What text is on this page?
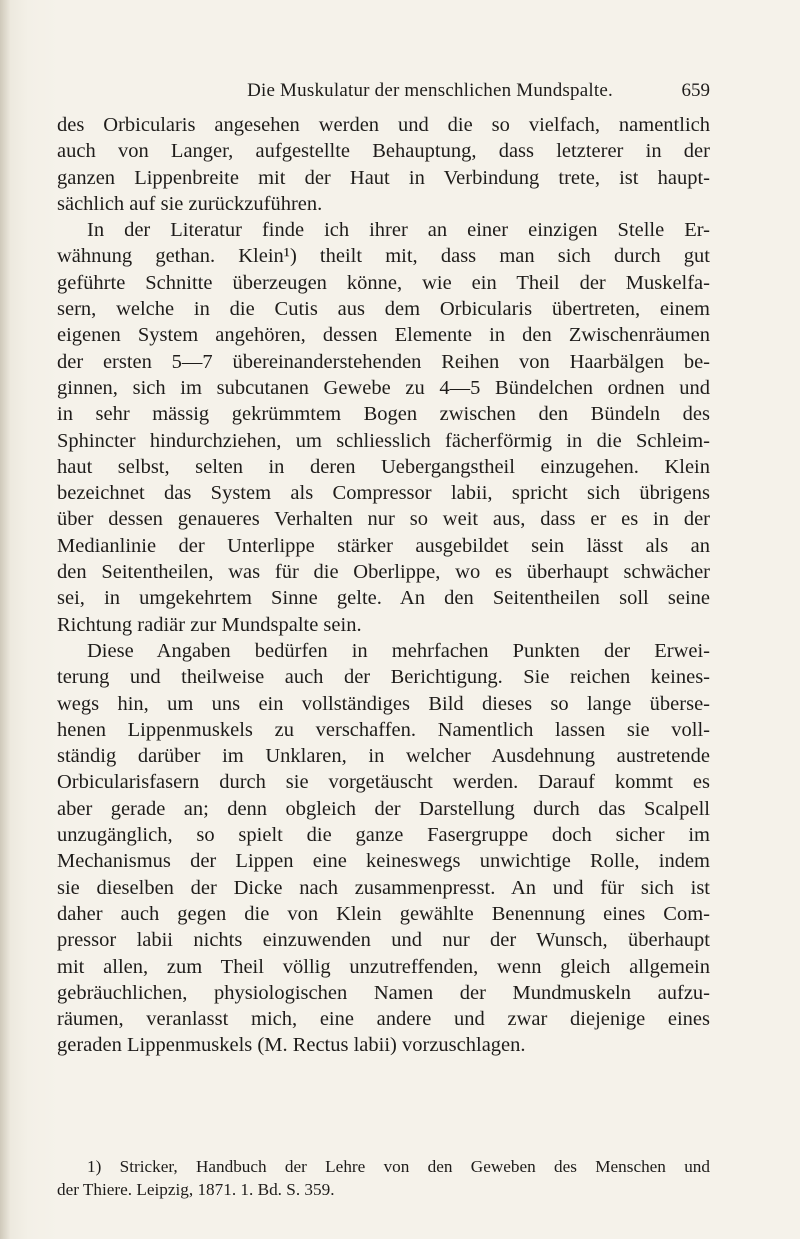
Die Muskulatur der menschlichen Mundspalte.	659
des Orbicularis angesehen werden und die so vielfach, namentlich
auch von Langer, aufgestellte Behauptung, dass letzterer in der
ganzen Lippenbreite mit der Haut in Verbindung trete, ist haupt-
sächlich auf sie zurückzuführen.
In der Literatur finde ich ihrer an einer einzigen Stelle Er-
wähnung gethan. Klein¹) theilt mit, dass man sich durch gut
geführte Schnitte überzeugen könne, wie ein Theil der Muskelfa-
sern, welche in die Cutis aus dem Orbicularis übertreten, einem
eigenen System angehören, dessen Elemente in den Zwischenräumen
der ersten 5—7 übereinanderstehenden Reihen von Haarbälgen be-
ginnen, sich im subcutanen Gewebe zu 4—5 Bündelchen ordnen und
in sehr mässig gekrümmtem Bogen zwischen den Bündeln des
Sphincter hindurchziehen, um schliesslich fächerförmig in die Schleim-
haut selbst, selten in deren Uebergangstheil einzugehen. Klein
bezeichnet das System als Compressor labii, spricht sich übrigens
über dessen genaueres Verhalten nur so weit aus, dass er es in der
Medianlinie der Unterlippe stärker ausgebildet sein lässt als an
den Seitentheilen, was für die Oberlippe, wo es überhaupt schwächer
sei, in umgekehrtem Sinne gelte. An den Seitentheilen soll seine
Richtung radiär zur Mundspalte sein.
Diese Angaben bedürfen in mehrfachen Punkten der Erwei-
terung und theilweise auch der Berichtigung. Sie reichen keines-
wegs hin, um uns ein vollständiges Bild dieses so lange überse-
henen Lippenmuskels zu verschaffen. Namentlich lassen sie voll-
ständig darüber im Unklaren, in welcher Ausdehnung austretende
Orbicularisfasern durch sie vorgetäuscht werden. Darauf kommt es
aber gerade an; denn obgleich der Darstellung durch das Scalpell
unzugänglich, so spielt die ganze Fasergruppe doch sicher im
Mechanismus der Lippen eine keineswegs unwichtige Rolle, indem
sie dieselben der Dicke nach zusammenpresst. An und für sich ist
daher auch gegen die von Klein gewählte Benennung eines Com-
pressor labii nichts einzuwenden und nur der Wunsch, überhaupt
mit allen, zum Theil völlig unzutreffenden, wenn gleich allgemein
gebräuchlichen, physiologischen Namen der Mundmuskeln aufzu-
räumen, veranlasst mich, eine andere und zwar diejenige eines
geraden Lippenmuskels (M. Rectus labii) vorzuschlagen.
1) Stricker, Handbuch der Lehre von den Geweben des Menschen und
der Thiere. Leipzig, 1871. 1. Bd. S. 359.
